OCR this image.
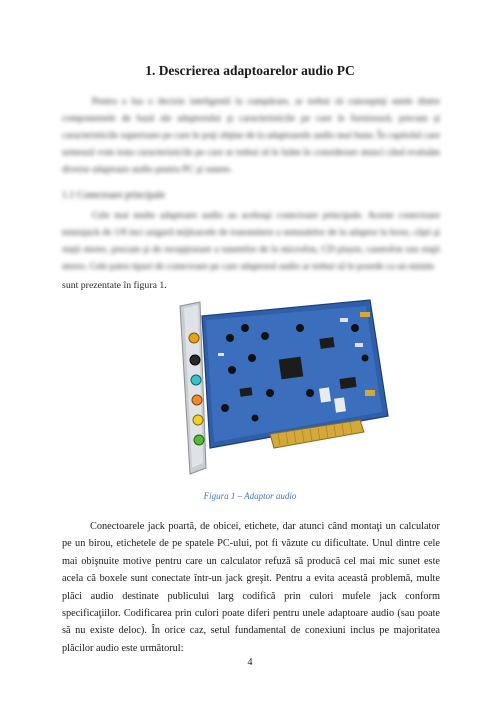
1. Descrierea adaptoarelor audio PC

Pentru a lua o decizie inteligentă la cumpărare, ar trebui să cunoaşteţi unele dintre componentele de bază ale adaptorului şi caracteristicile pe care le furnizează, precum şi caracteristicile superioare pe care le poţi obţine de la adaptoarele audio mai bune. În capitolul care urmează vom trata caracteristicile pe care ar trebui să le luăm în considerare atunci când evaluăm diverse adaptoare audio pentru PC şi sunete.

1.1 Conectoare principale

Cele mai multe adaptoare audio au aceleaşi conectoare principale. Aceste conectoare miniajack de 1/8 inci asigură mijloacele de transmitere a semnalelor de la adaptor la boxe, căşti şi staţii stereo, precum şi de recepţionare a sunetelor de la microfon, CD player, casetofon sau staţii stereo. Cele patru tipuri de conectoare pe care adaptorul audio ar trebui să le posede ca un minim

sunt prezentate în figura 1.

Figura 1 – Adaptor audio

Conectoarele jack poartă, de obicei, etichete, dar atunci când montaţi un calculator pe un birou, etichetele de pe spatele PC-ului, pot fi văzute cu dificultate. Unul dintre cele mai obişnuite motive pentru care un calculator refuză să producă cel mai mic sunet este acela că boxele sunt conectate într-un jack greşit. Pentru a evita această problemă, multe plăci audio destinate publicului larg codifică prin culori mufele jack conform specificaţiilor. Codificarea prin culori poate diferi pentru unele adaptoare audio (sau poate să nu existe deloc). În orice caz, setul fundamental de conexiuni inclus pe majoritatea plăcilor audio este următorul:

4
